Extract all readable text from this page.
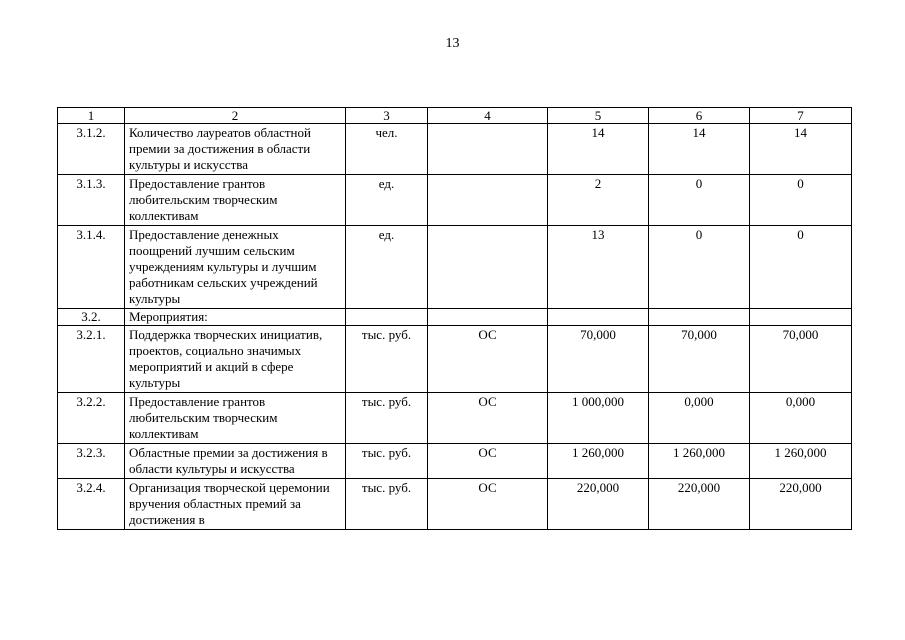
13
1	2	3	4	5	6	7
3.1.2.	Количество лауреатов областной премии за достижения в области культуры и искусства	чел.		14	14	14
3.1.3.	Предоставление грантов любительским творческим коллективам	ед.		2	0	0
3.1.4.	Предоставление денежных поощрений лучшим сельским учреждениям культуры и лучшим работникам сельских учреждений культуры	ед.		13	0	0
3.2.	Мероприятия:					
3.2.1.	Поддержка творческих инициатив, проектов, социально значимых мероприятий и акций в сфере культуры	тыс. руб.	ОС	70,000	70,000	70,000
3.2.2.	Предоставление грантов любительским творческим коллективам	тыс. руб.	ОС	1 000,000	0,000	0,000
3.2.3.	Областные премии за достижения в области культуры и искусства	тыс. руб.	ОС	1 260,000	1 260,000	1 260,000
3.2.4.	Организация творческой церемонии вручения областных премий за достижения в	тыс. руб.	ОС	220,000	220,000	220,000
